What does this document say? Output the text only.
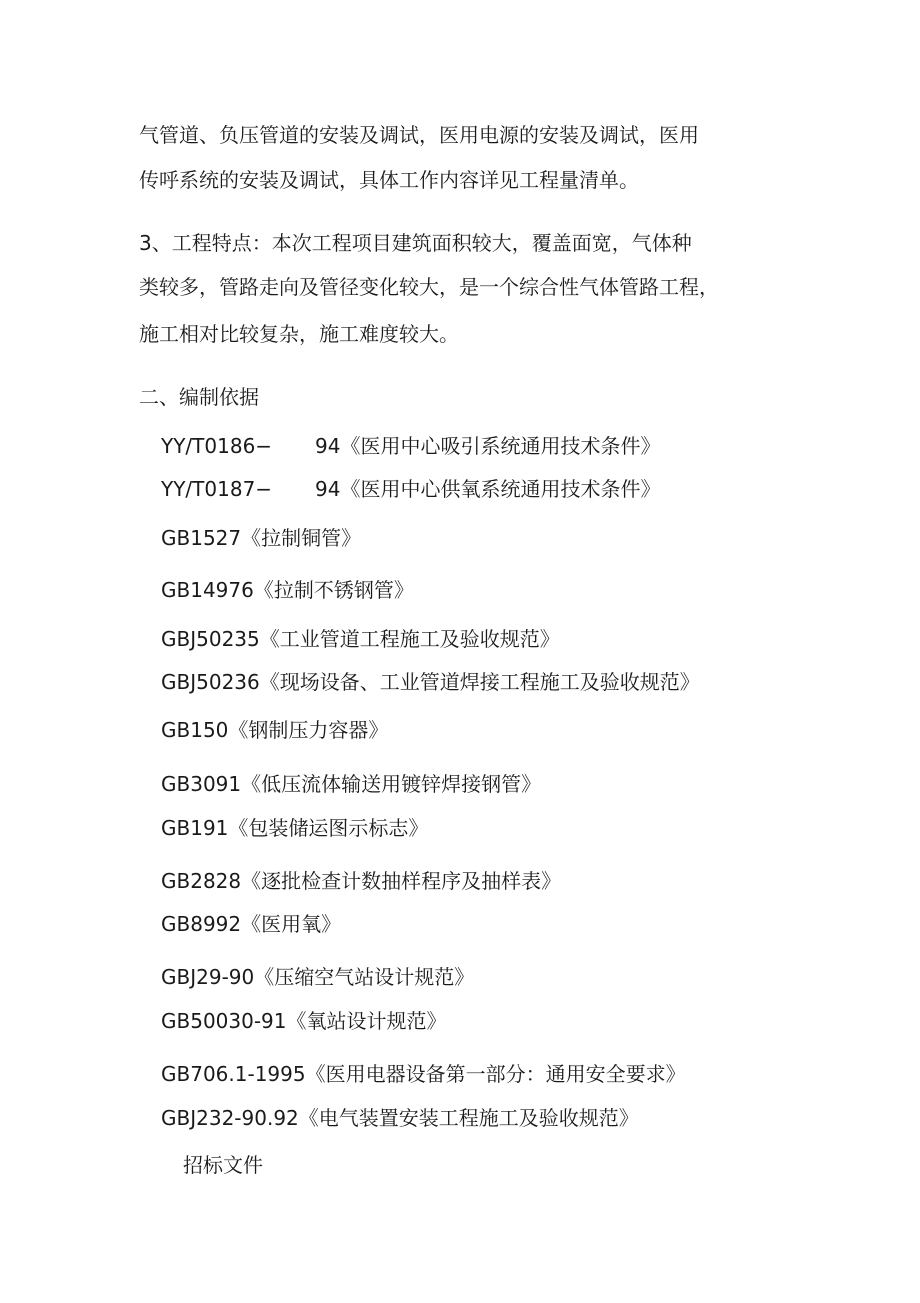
气管道、负压管道的安装及调试，医用电源的安装及调试，医用
传呼系统的安装及调试，具体工作内容详见工程量清单。
3、工程特点：本次工程项目建筑面积较大，覆盖面宽，气体种
类较多，管路走向及管径变化较大，是一个综合性气体管路工程，
施工相对比较复杂，施工难度较大。
二、编制依据
YY/T0186− 94《医用中心吸引系统通用技术条件》
YY/T0187− 94《医用中心供氧系统通用技术条件》
GB1527《拉制铜管》
GB14976《拉制不锈钢管》
GBJ50235《工业管道工程施工及验收规范》
GBJ50236《现场设备、工业管道焊接工程施工及验收规范》
GB150《钢制压力容器》
GB3091《低压流体输送用镀锌焊接钢管》
GB191《包装储运图示标志》
GB2828《逐批检查计数抽样程序及抽样表》
GB8992《医用氧》
GBJ29-90《压缩空气站设计规范》
GB50030-91《氧站设计规范》
GB706.1-1995《医用电器设备第一部分：通用安全要求》
GBJ232-90.92《电气装置安装工程施工及验收规范》
招标文件
